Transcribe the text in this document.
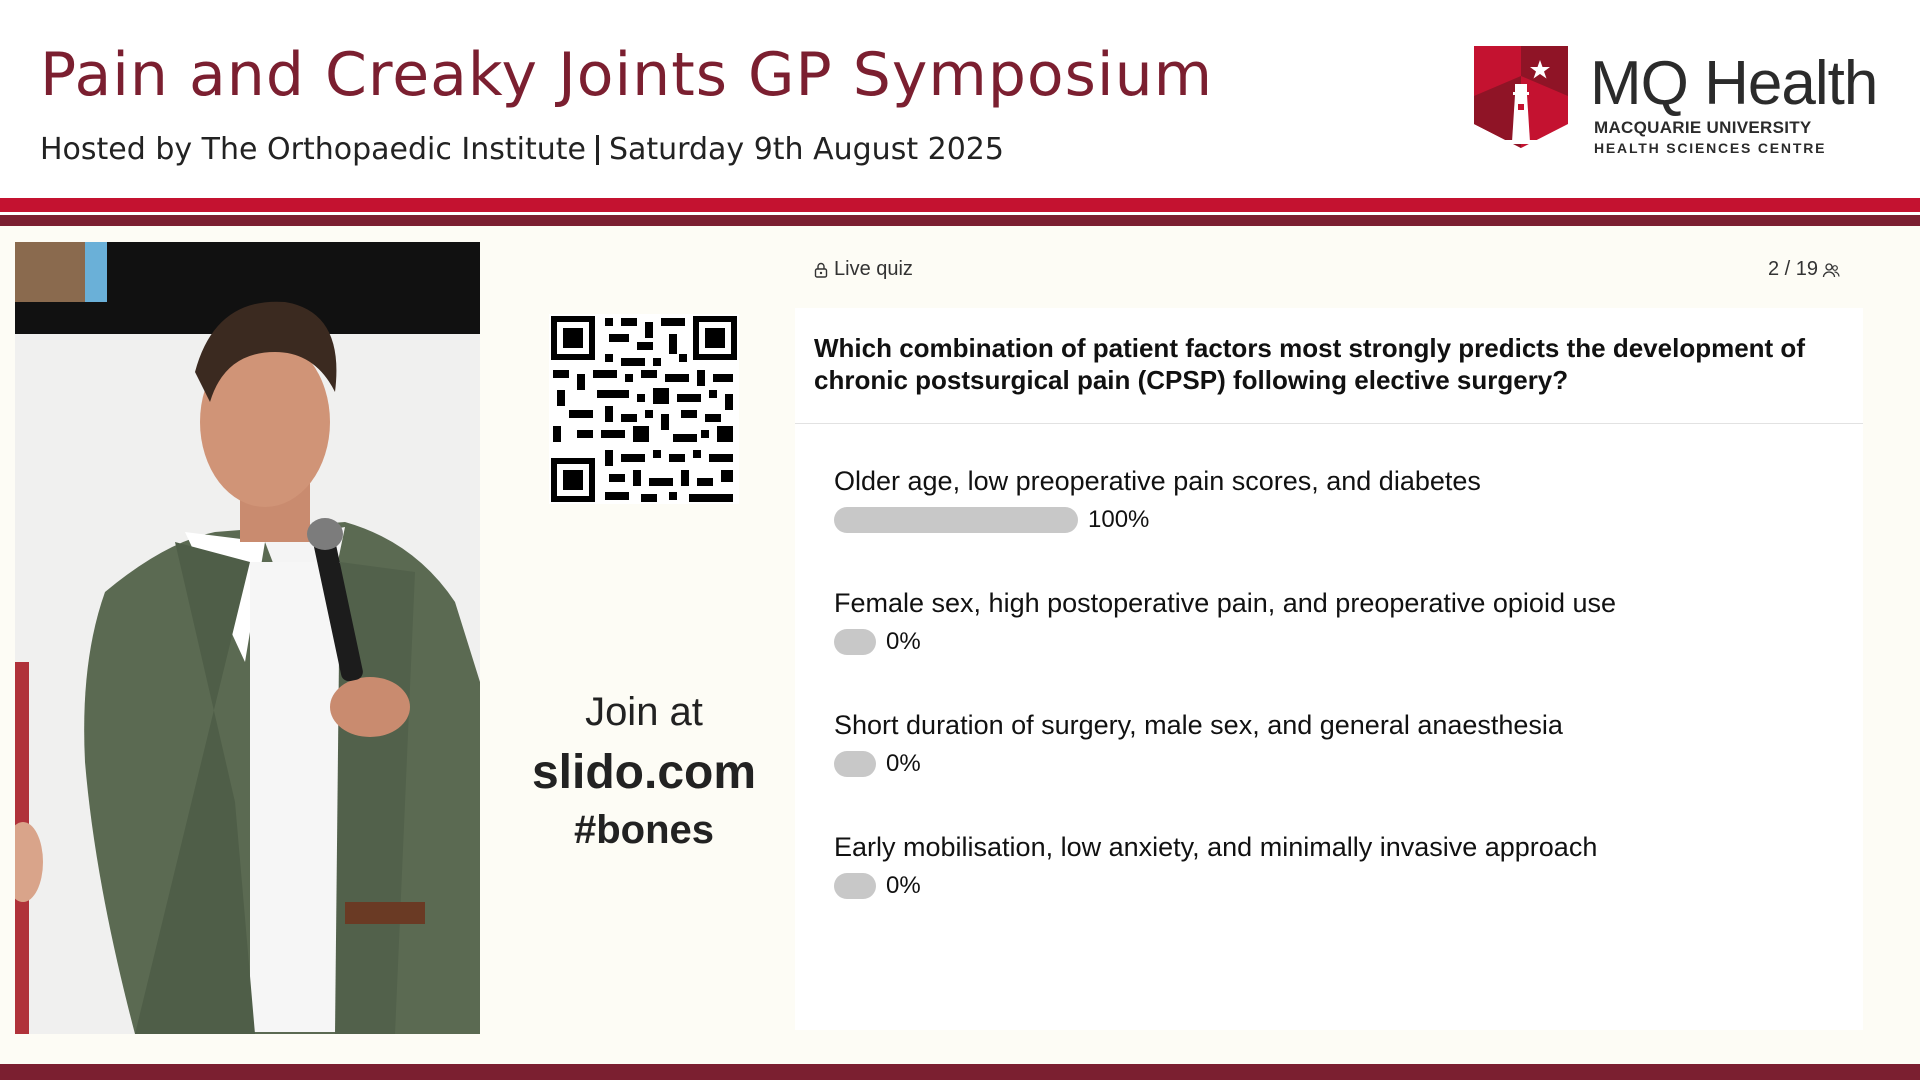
Pain and Creaky Joints GP Symposium
Hosted by The Orthopaedic Institute Saturday 9th August 2025
MQ Health
MACQUARIE UNIVERSITY
HEALTH SCIENCES CENTRE
Join at
slido.com
#bones
Live quiz	2 / 19
Which combination of patient factors most strongly predicts the development of chronic postsurgical pain (CPSP) following elective surgery?
Older age, low preoperative pain scores, and diabetes
100%
Female sex, high postoperative pain, and preoperative opioid use
0%
Short duration of surgery, male sex, and general anaesthesia
0%
Early mobilisation, low anxiety, and minimally invasive approach
0%
